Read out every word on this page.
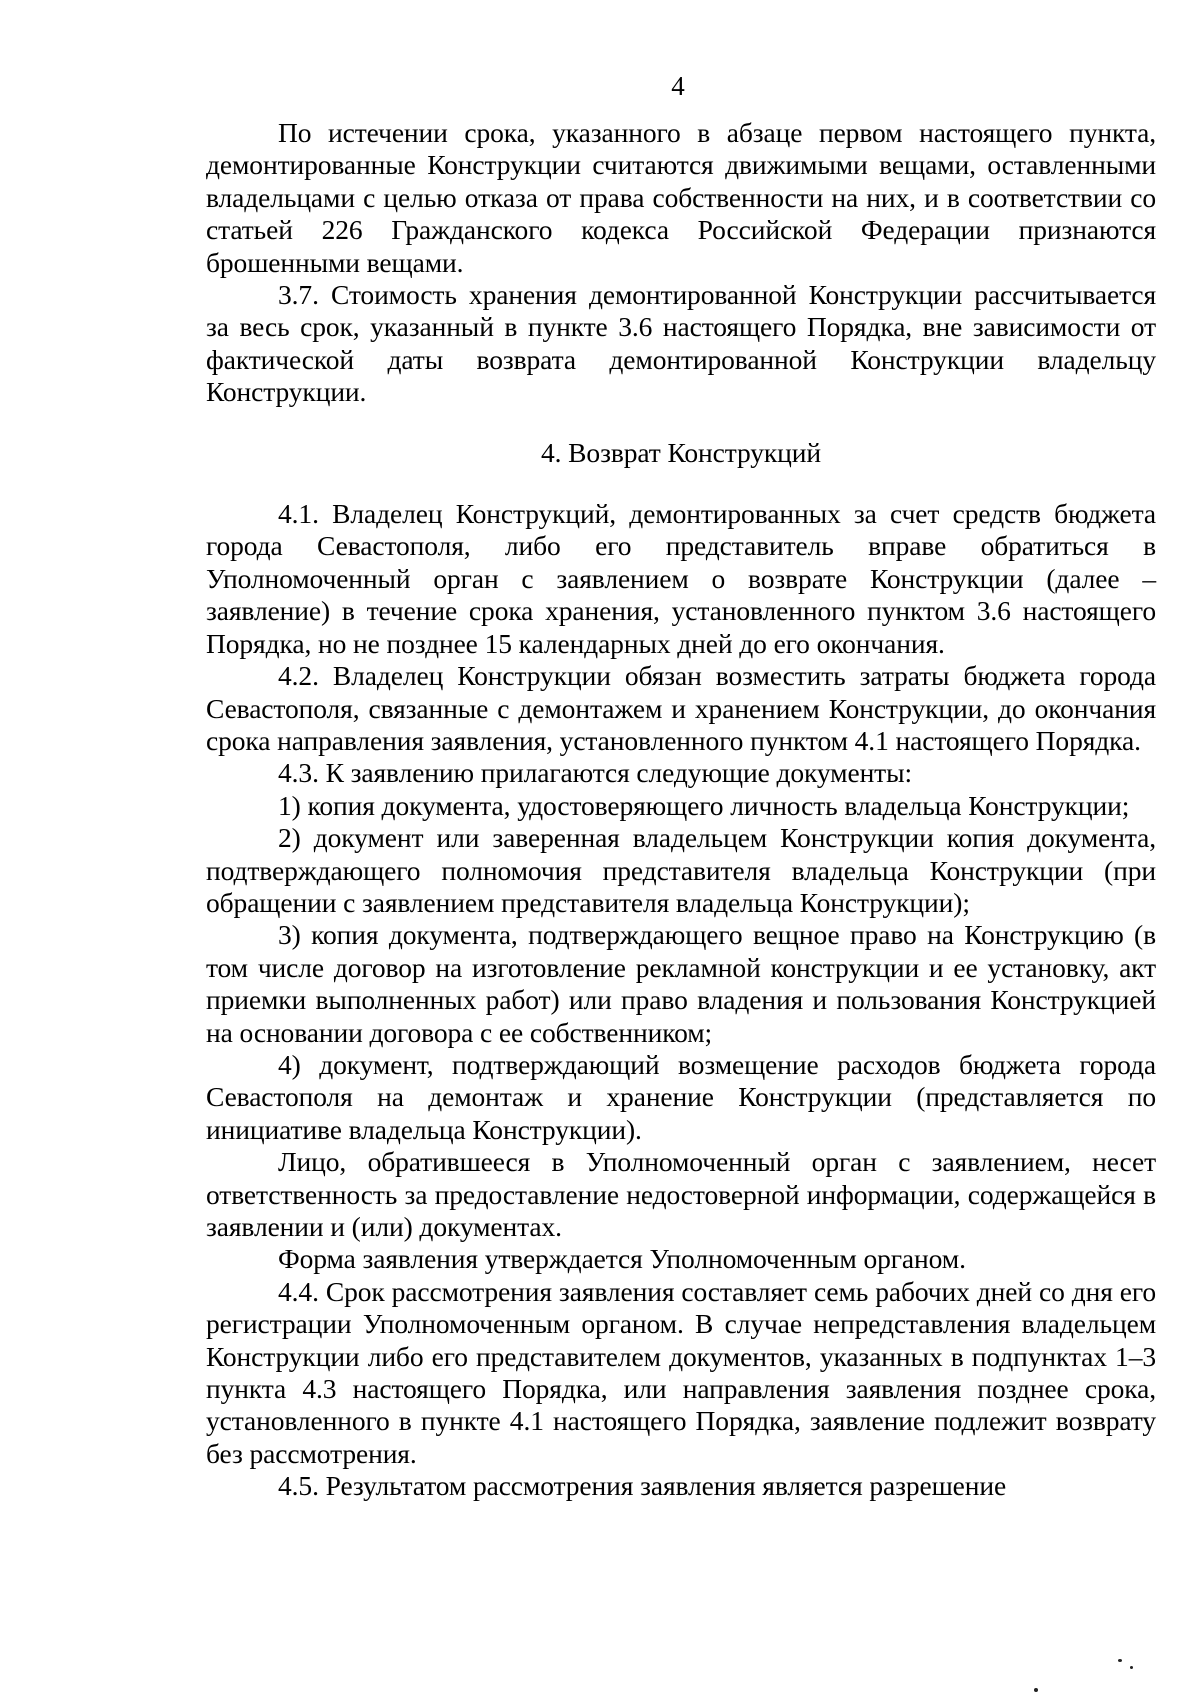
4

По истечении срока, указанного в абзаце первом настоящего пункта, демонтированные Конструкции считаются движимыми вещами, оставленными владельцами с целью отказа от права собственности на них, и в соответствии со статьей 226 Гражданского кодекса Российской Федерации признаются брошенными вещами.

3.7. Стоимость хранения демонтированной Конструкции рассчитывается за весь срок, указанный в пункте 3.6 настоящего Порядка, вне зависимости от фактической даты возврата демонтированной Конструкции владельцу Конструкции.

4. Возврат Конструкций

4.1. Владелец Конструкций, демонтированных за счет средств бюджета города Севастополя, либо его представитель вправе обратиться в Уполномоченный орган с заявлением о возврате Конструкции (далее – заявление) в течение срока хранения, установленного пунктом 3.6 настоящего Порядка, но не позднее 15 календарных дней до его окончания.

4.2. Владелец Конструкции обязан возместить затраты бюджета города Севастополя, связанные с демонтажем и хранением Конструкции, до окончания срока направления заявления, установленного пунктом 4.1 настоящего Порядка.

4.3. К заявлению прилагаются следующие документы:

1) копия документа, удостоверяющего личность владельца Конструкции;

2) документ или заверенная владельцем Конструкции копия документа, подтверждающего полномочия представителя владельца Конструкции (при обращении с заявлением представителя владельца Конструкции);

3) копия документа, подтверждающего вещное право на Конструкцию (в том числе договор на изготовление рекламной конструкции и ее установку, акт приемки выполненных работ) или право владения и пользования Конструкцией на основании договора с ее собственником;

4) документ, подтверждающий возмещение расходов бюджета города Севастополя на демонтаж и хранение Конструкции (представляется по инициативе владельца Конструкции).

Лицо, обратившееся в Уполномоченный орган с заявлением, несет ответственность за предоставление недостоверной информации, содержащейся в заявлении и (или) документах.

Форма заявления утверждается Уполномоченным органом.

4.4. Срок рассмотрения заявления составляет семь рабочих дней со дня его регистрации Уполномоченным органом. В случае непредставления владельцем Конструкции либо его представителем документов, указанных в подпунктах 1–3 пункта 4.3 настоящего Порядка, или направления заявления позднее срока, установленного в пункте 4.1 настоящего Порядка, заявление подлежит возврату без рассмотрения.

4.5. Результатом рассмотрения заявления является разрешение
